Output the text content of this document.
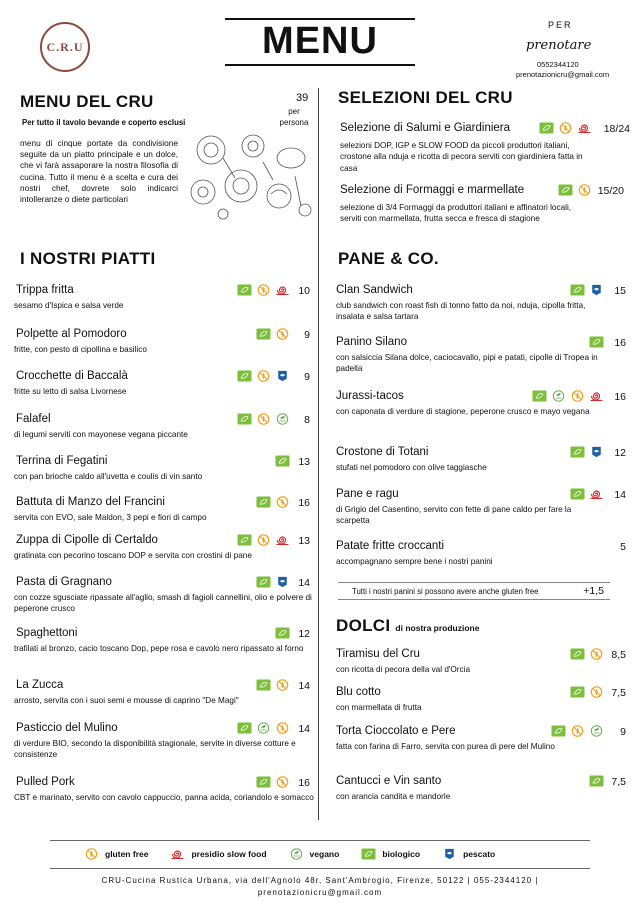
C.R.U	MENU	PER
prenotare
0552344120
prenotazionicru@gmail.com
MENU DEL CRU	39
per persona
Per tutto il tavolo bevande e coperto esclusi
menu di cinque portate da condivisione seguite da un piatto principale e un dolce, che vi farà assaporare la nostra filosofia di cucina. Tutto il menu è a scelta e cura dei nostri chef, dovrete solo indicarci intolleranze o diete particolari
I NOSTRI PIATTI
Trippa fritta
sesamo d'Ispica e salsa verde
10
Polpette al Pomodoro
fritte, con pesto di cipollina e basilico
9
Crocchette di Baccalà
fritte su letto di salsa Livornese
9
Falafel
di legumi serviti con mayonese vegana piccante
8
Terrina di Fegatini
con pan brioche caldo all'uvetta e coulis di vin santo
13
Battuta di Manzo del Francini
servita con EVO, sale Maldon, 3 pepi e fiori di campo
16
Zuppa di Cipolle di Certaldo
gratinata con pecorino toscano DOP e servita con crostini di pane
13
Pasta di Gragnano
con cozze sgusciate ripassate all'aglio, smash di fagioli cannellini, olio e polvere di peperone crusco
14
Spaghettoni
trafilati al bronzo, cacio toscano Dop, pepe rosa e cavolo nero ripassato al forno
12
La Zucca
arrosto, servita con i suoi semi e mousse di caprino "De Magi"
14
Pasticcio del Mulino
di verdure BIO, secondo la disponibilità stagionale, servite in diverse cotture e consistenze
14
Pulled Pork
CBT e marinato, servito con cavolo cappuccio, panna acida, coriandolo e somacco
16
SELEZIONI DEL CRU
Selezione di Salumi e Giardiniera
selezioni DOP, IGP e SLOW FOOD da piccoli produttori italiani, crostone alla nduja e ricotta di pecora serviti con giardiniera fatta in casa
18/24
Selezione di Formaggi e marmellate
selezione di 3/4 Formaggi da produttori italiani e affinatori locali, serviti con marmellata, frutta secca e fresca di stagione
15/20
PANE & CO.
Clan Sandwich
club sandwich con roast fish di tonno fatto da noi, nduja, cipolla fritta, insalata e salsa tartara
15
Panino Silano
con salsiccia Silana dolce, caciocavallo, pipi e patati, cipolle di Tropea in padella
16
Jurassi-tacos
con caponata di verdure di stagione, peperone crusco e mayo vegana
16
Crostone di Totani
stufati nel pomodoro con olive taggiasche
12
Pane e ragu
di Grigio del Casentino, servito con fette di pane caldo per fare la scarpetta
14
Patate fritte croccanti
accompagnano sempre bene i nostri panini
5
Tutti i nostri panini si possono avere anche gluten free	+1,5
DOLCI di nostra produzione
Tiramisu del Cru
con ricotta di pecora della val d'Orcia
8,5
Blu cotto
con marmellata di frutta
7,5
Torta Cioccolato e Pere
fatta con farina di Farro, servita con purea di pere del Mulino
9
Cantucci e Vin santo
con arancia candita e mandorle
7,5
gluten free	presidio slow food	vegano	biologico	pescato
CRU-Cucina Rustica Urbana, via dell'Agnolo 48r, Sant'Ambrogio, Firenze, 50122 | 055-2344120 |
prenotazionicru@gmail.com
